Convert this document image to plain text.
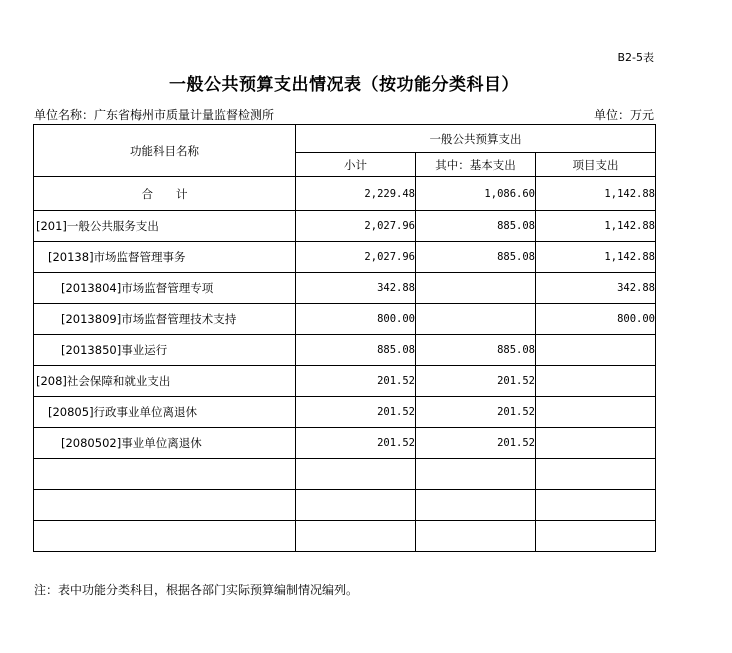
B2-5表
一般公共预算支出情况表（按功能分类科目）
单位名称：广东省梅州市质量计量监督检测所	单位：万元
功能科目名称	一般公共预算支出		
	小计	其中：基本支出	项目支出
合　　计	2,229.48	1,086.60	1,142.88
[201]一般公共服务支出	2,027.96	885.08	1,142.88
[20138]市场监督管理事务	2,027.96	885.08	1,142.88
[2013804]市场监督管理专项	342.88		342.88
[2013809]市场监督管理技术支持	800.00		800.00
[2013850]事业运行	885.08	885.08	
[208]社会保障和就业支出	201.52	201.52	
[20805]行政事业单位离退休	201.52	201.52	
[2080502]事业单位离退休	201.52	201.52	

注：表中功能分类科目，根据各部门实际预算编制情况编列。
